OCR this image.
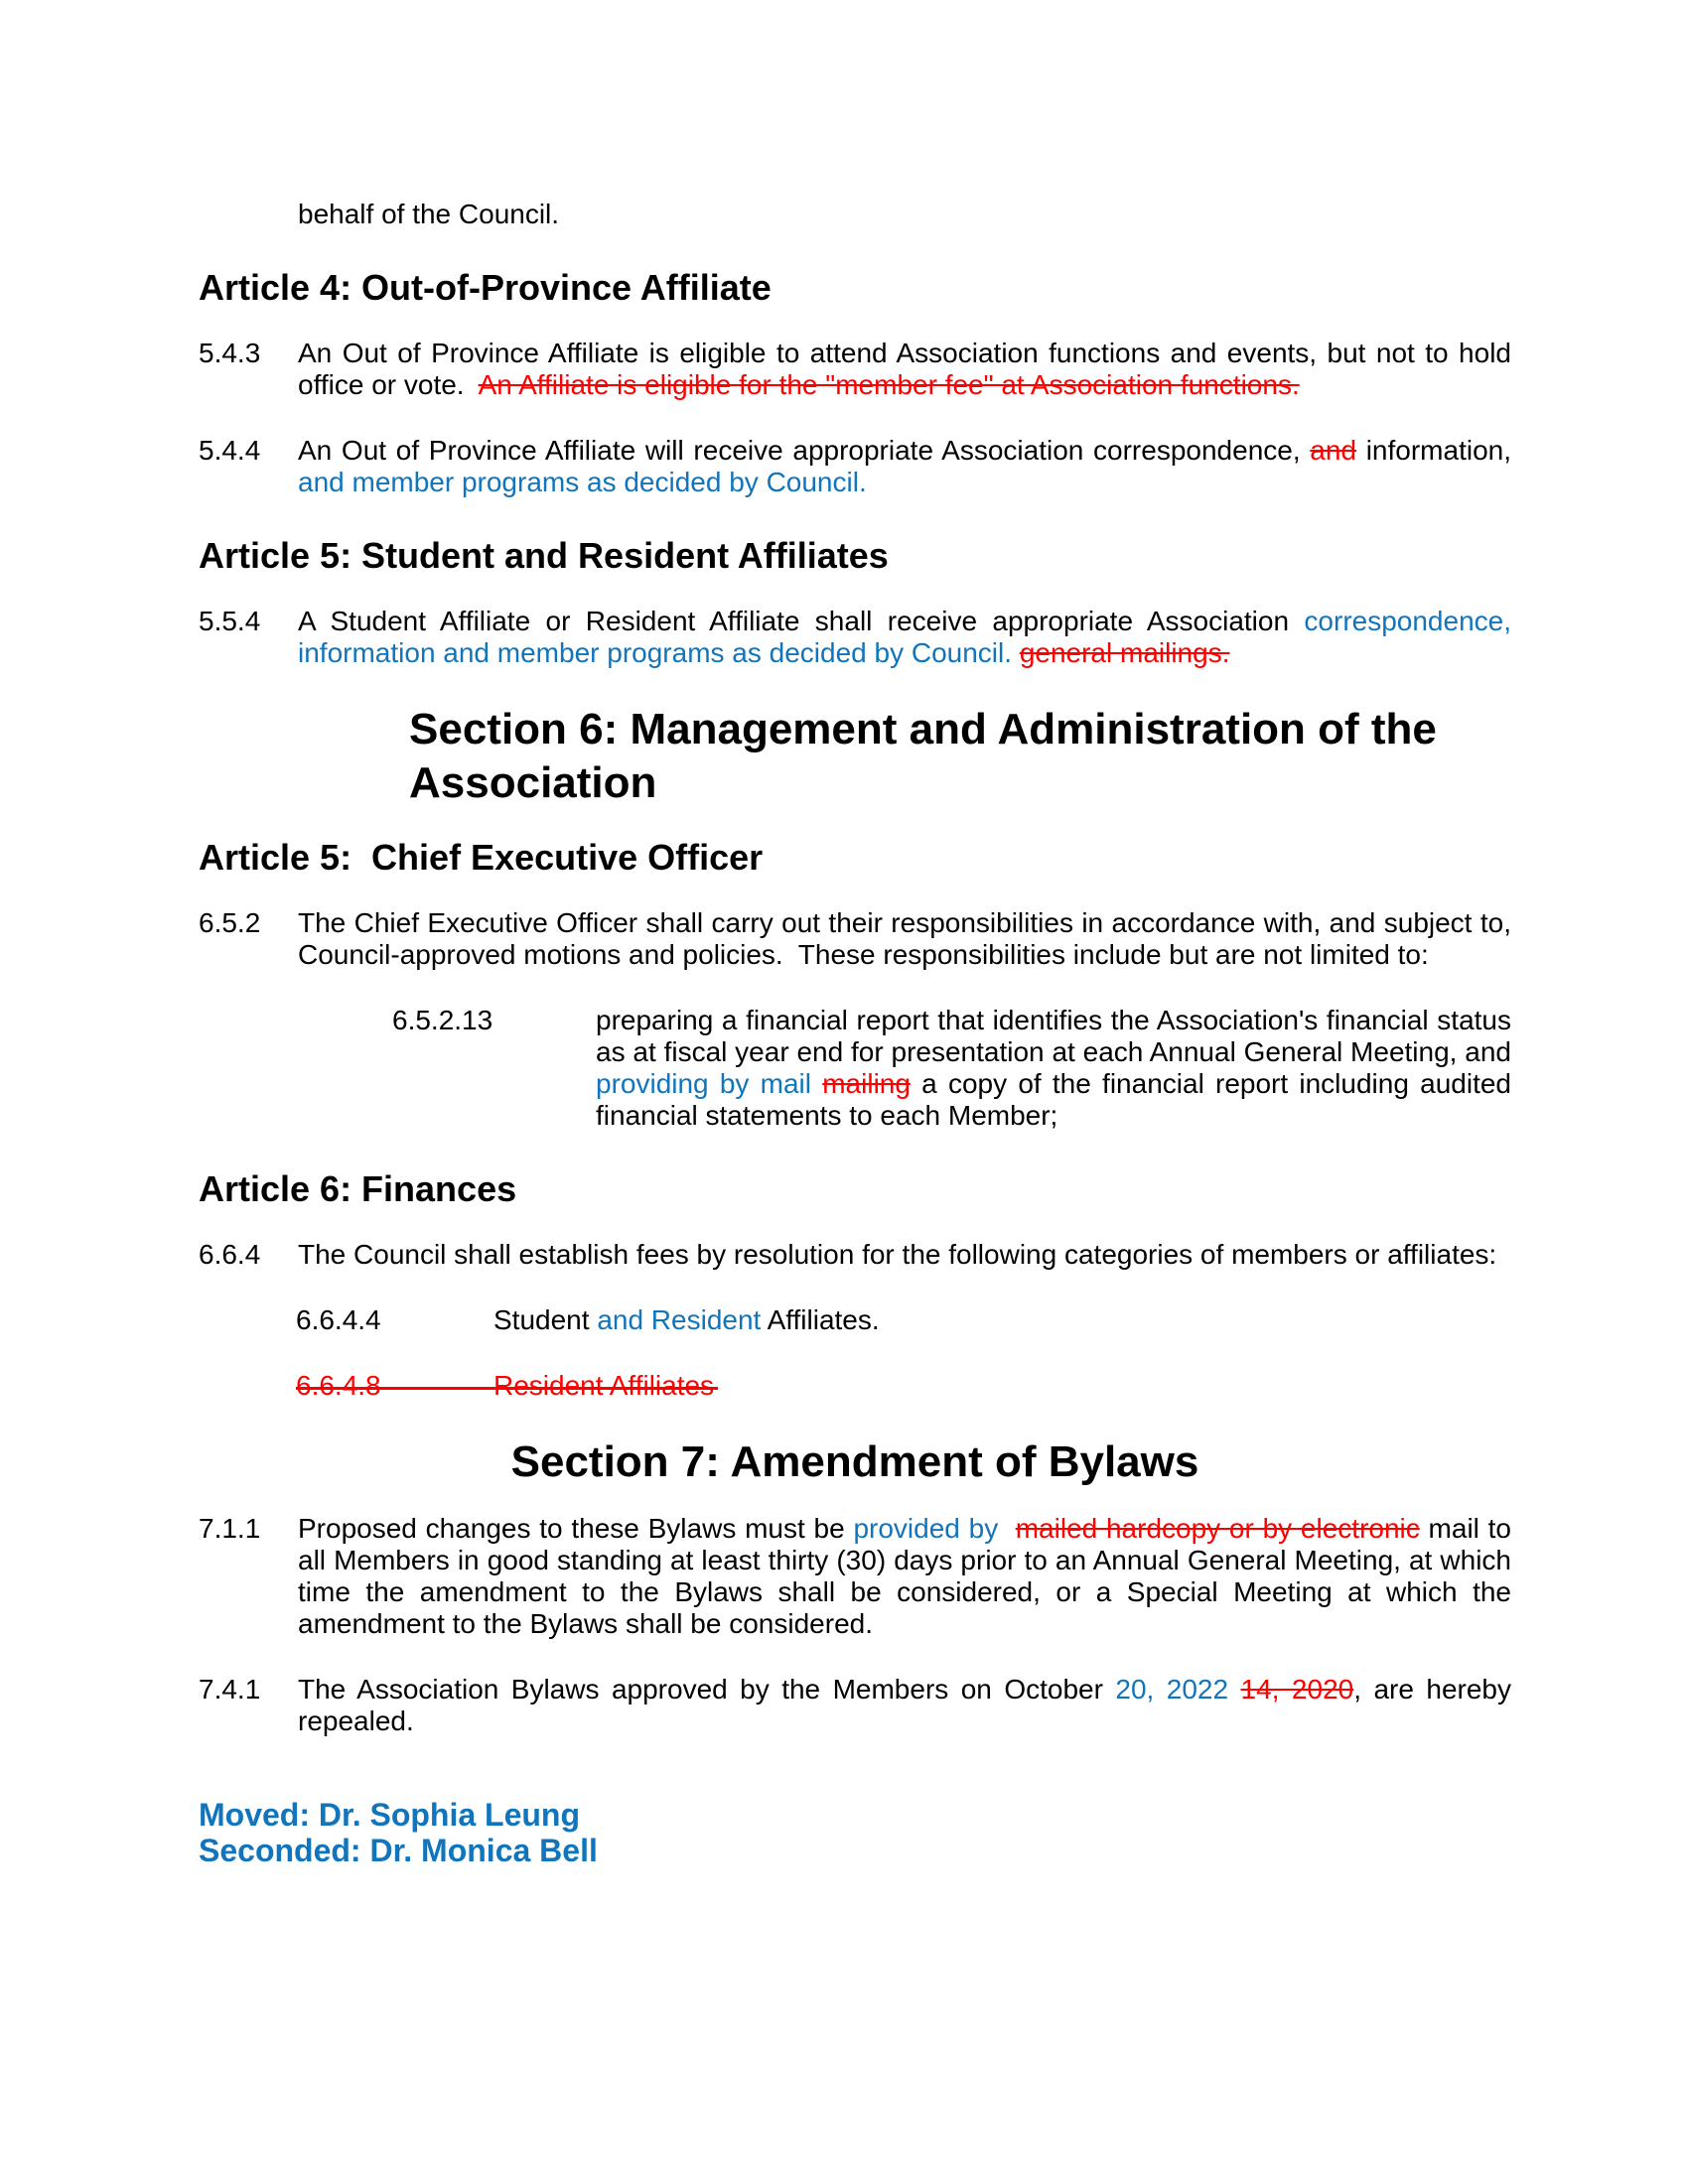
behalf of the Council.
Article 4: Out-of-Province Affiliate
5.4.3	An Out of Province Affiliate is eligible to attend Association functions and events, but not to hold office or vote.  An Affiliate is eligible for the "member fee" at Association functions.
5.4.4	An Out of Province Affiliate will receive appropriate Association correspondence, and information, and member programs as decided by Council.
Article 5: Student and Resident Affiliates
5.5.4	A Student Affiliate or Resident Affiliate shall receive appropriate Association correspondence, information and member programs as decided by Council. general mailings.
Section 6: Management and Administration of the
Association
Article 5:  Chief Executive Officer
6.5.2	The Chief Executive Officer shall carry out their responsibilities in accordance with, and subject to, Council-approved motions and policies.  These responsibilities include but are not limited to:
6.5.2.13	preparing a financial report that identifies the Association's financial status as at fiscal year end for presentation at each Annual General Meeting, and providing by mail mailing a copy of the financial report including audited financial statements to each Member;
Article 6: Finances
6.6.4	The Council shall establish fees by resolution for the following categories of members or affiliates:
6.6.4.4	Student and Resident Affiliates.
6.6.4.8	Resident Affiliates
Section 7: Amendment of Bylaws
7.1.1	Proposed changes to these Bylaws must be provided by mailed hardcopy or by electronic mail to all Members in good standing at least thirty (30) days prior to an Annual General Meeting, at which time the amendment to the Bylaws shall be considered, or a Special Meeting at which the amendment to the Bylaws shall be considered.
7.4.1	The Association Bylaws approved by the Members on October 20, 2022 14, 2020, are hereby repealed.
Moved: Dr. Sophia Leung
Seconded: Dr. Monica Bell
